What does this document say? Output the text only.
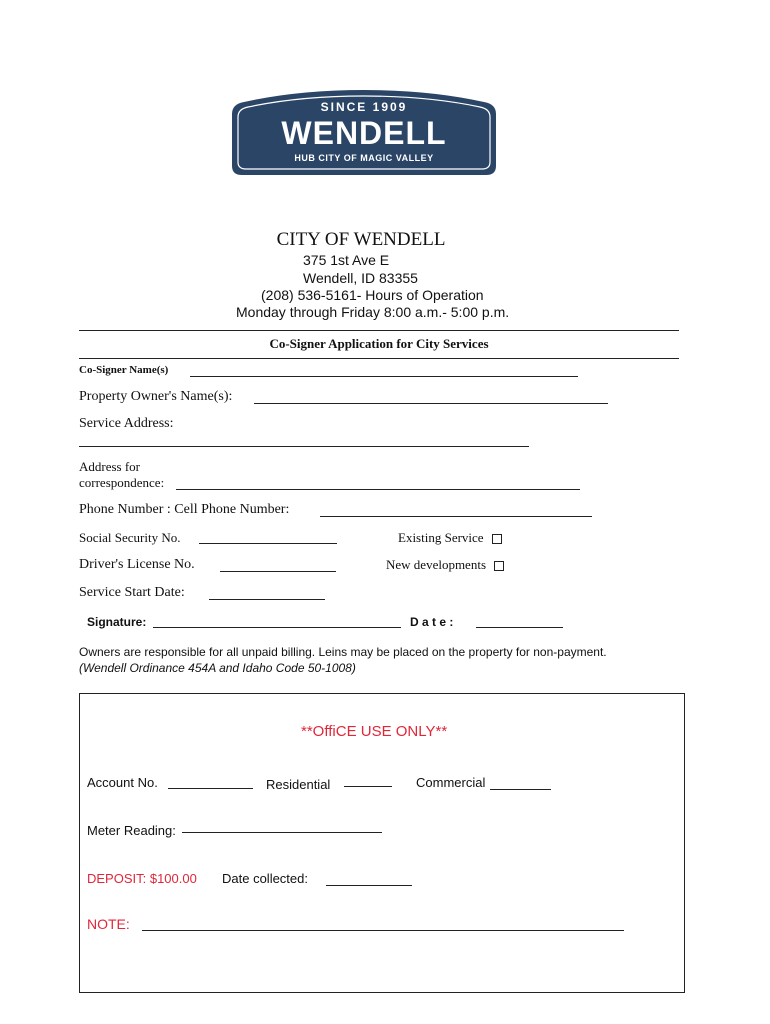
SINCE 1909
WENDELL
HUB CITY OF MAGIC VALLEY
CITY OF WENDELL
375 1st Ave E
Wendell, ID 83355
(208) 536-5161- Hours of Operation
Monday through Friday 8:00 a.m.- 5:00 p.m.
Co-Signer Application for City Services
Co-Signer Name(s)
Property Owner's Name(s):
Service Address:
Address for
correspondence:
Phone Number : Cell Phone Number:
Social Security No.	Existing Service
Driver's License No.	New developments
Service Start Date:
Signature:	D a t e :
Owners are responsible for all unpaid billing. Leins may be placed on the property for non-payment.
(Wendell Ordinance 454A and Idaho Code 50-1008)
**OffiCE USE ONLY**
Account No.	Residential	Commercial
Meter Reading:
DEPOSIT: $100.00 Date collected:
NOTE:
